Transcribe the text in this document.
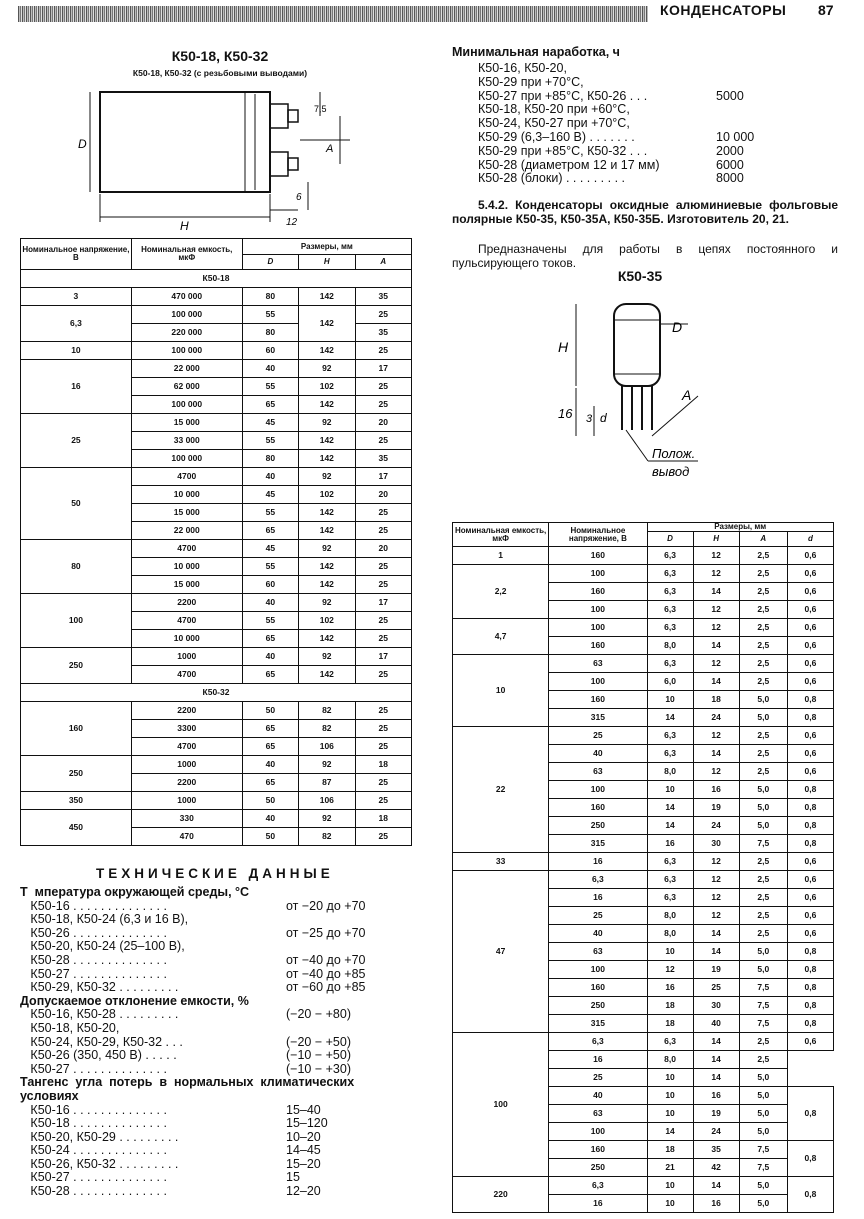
КОНДЕНСАТОРЫ 87
К50-18, К50-32
К50-18, К50-32 (с резьбовыми выводами)
D
H
A
7,5
6
12
Номинальное напряжение, В	Номинальная емкость, мкФ	Размеры, мм		
		D	H	A
К50-18				
3	470 000	80	142	35
6,3	100 000	55	142	25
	220 000	80		35
10	100 000	60	142	25
16	22 000	40	92	17
	62 000	55	102	25
	100 000	65	142	25
25	15 000	45	92	20
	33 000	55	142	25
	100 000	80	142	35
50	4700	40	92	17
	10 000	45	102	20
	15 000	55	142	25
	22 000	65	142	25
80	4700	45	92	20
	10 000	55	142	25
	15 000	60	142	25
100	2200	40	92	17
	4700	55	102	25
	10 000	65	142	25
250	1000	40	92	17
	4700	65	142	25
К50-32				
160	2200	50	82	25
	3300	65	82	25
	4700	65	106	25
250	1000	40	92	18
	2200	65	87	25
350	1000	50	106	25
450	330	40	92	18
	470	50	82	25
ТЕХНИЧЕСКИЕ ДАННЫЕ
Т  мпература окружающей среды, °С
К50-16 . . . . . . . . . . . . . .	от −20 до +70
К50-18, К50-24 (6,3 и 16 В),
К50-26 . . . . . . . . . . . . . .	от −25 до +70
К50-20, К50-24 (25–100 В),
К50-28 . . . . . . . . . . . . . .	от −40 до +70
К50-27 . . . . . . . . . . . . . .	от −40 до +85
К50-29, К50-32 . . . . . . . . .	от −60 до +85
Допускаемое отклонение емкости, %
К50-16, К50-28 . . . . . . . . .	(−20 − +80)
К50-18, К50-20,
К50-24, К50-29, К50-32 . . .	(−20 − +50)
К50-26 (350, 450 В) . . . . .	(−10 − +50)
К50-27 . . . . . . . . . . . . . .	(−10 − +30)
Тангенс  угла  потерь  в  нормальных  климатических
условиях
К50-16 . . . . . . . . . . . . . .	15–40
К50-18 . . . . . . . . . . . . . .	15–120
К50-20, К50-29 . . . . . . . . .	10–20
К50-24 . . . . . . . . . . . . . .	14–45
К50-26, К50-32 . . . . . . . . .	15–20
К50-27 . . . . . . . . . . . . . .	15
К50-28 . . . . . . . . . . . . . .	12–20
Минимальная наработка, ч
К50-16, К50-20,
К50-29 при +70°С,
К50-27 при +85°С, К50-26 . . .	5000
К50-18, К50-20 при +60°С,
К50-24, К50-27 при +70°С,
К50-29 (6,3–160 В) . . . . . . .	10 000
К50-29 при +85°С, К50-32 . . .	2000
К50-28 (диаметром 12 и 17 мм)	6000
К50-28 (блоки) . . . . . . . . .	8000
5.4.2. Конденсаторы оксидные алюминиевые фольговые полярные К50-35, К50-35А, К50-35Б. Изготовитель 20, 21.
Предназначены для работы в цепях постоянного и пульсирующего токов.
К50-35
H
D
16 3 d
A
Полож.
вывод
Номинальная емкость, мкФ	Номинальное напряжение, В	Размеры, мм			
		D	H	A	d
1	160	6,3	12	2,5	0,6
2,2	100	6,3	12	2,5	0,6
	160	6,3	14	2,5	0,6
	100	6,3	12	2,5	0,6
4,7	100	6,3	12	2,5	0,6
	160	8,0	14	2,5	0,6
10	63	6,3	12	2,5	0,6
	100	6,0	14	2,5	0,6
	160	10	18	5,0	0,8
	315	14	24	5,0	0,8
22	25	6,3	12	2,5	0,6
	40	6,3	14	2,5	0,6
	63	8,0	12	2,5	0,6
	100	10	16	5,0	0,8
	160	14	19	5,0	0,8
	250	14	24	5,0	0,8
	315	16	30	7,5	0,8
33	16	6,3	12	2,5	0,6
47	6,3	6,3	12	2,5	0,6
	16	6,3	12	2,5	0,6
	25	8,0	12	2,5	0,6
	40	8,0	14	2,5	0,6
	63	10	14	5,0	0,8
	100	12	19	5,0	0,8
	160	16	25	7,5	0,8
	250	18	30	7,5	0,8
	315	18	40	7,5	0,8
100	6,3	6,3	14	2,5	0,6
	16	8,0	14	2,5	
	25	10	14	5,0	
	40	10	16	5,0	0,8
	63	10	19	5,0	
	100	14	24	5,0	
	160	18	35	7,5	0,8
	250	21	42	7,5	
220	6,3	10	14	5,0	0,8
	16	10	16	5,0	
